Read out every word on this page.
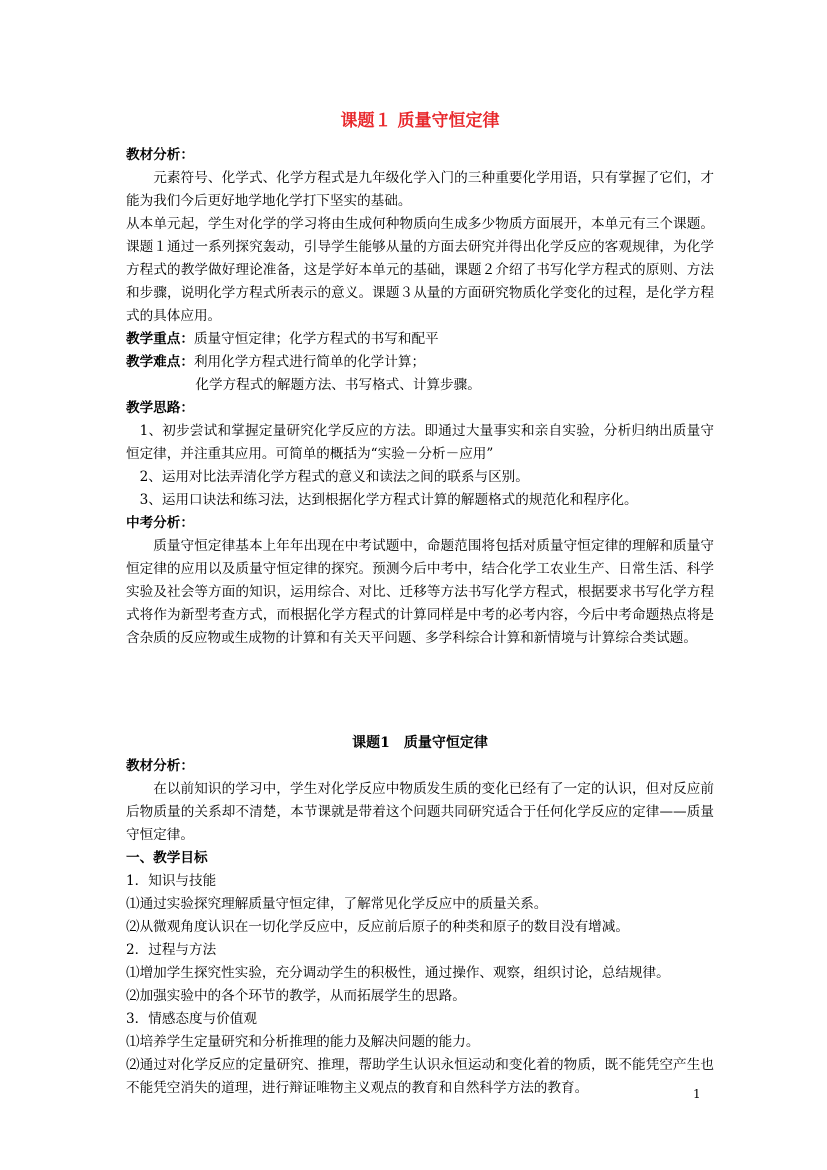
课题１ 质量守恒定律

教材分析：

元素符号、化学式、化学方程式是九年级化学入门的三种重要化学用语，只有掌握了它们，才能为我们今后更好地学地化学打下坚实的基础。

从本单元起，学生对化学的学习将由生成何种物质向生成多少物质方面展开，本单元有三个课题。课题１通过一系列探究轰动，引导学生能够从量的方面去研究并得出化学反应的客观规律，为化学方程式的教学做好理论准备，这是学好本单元的基础，课题２介绍了书写化学方程式的原则、方法和步骤，说明化学方程式所表示的意义。课题３从量的方面研究物质化学变化的过程，是化学方程式的具体应用。

教学重点：质量守恒定律；化学方程式的书写和配平

教学难点：利用化学方程式进行简单的化学计算；

化学方程式的解题方法、书写格式、计算步骤。

教学思路：

1、初步尝试和掌握定量研究化学反应的方法。即通过大量事实和亲自实验，分析归纳出质量守恒定律，并注重其应用。可简单的概括为“实验－分析－应用”

2、运用对比法弄清化学方程式的意义和读法之间的联系与区别。

3、运用口诀法和练习法，达到根据化学方程式计算的解题格式的规范化和程序化。

中考分析：

质量守恒定律基本上年年出现在中考试题中，命题范围将包括对质量守恒定律的理解和质量守恒定律的应用以及质量守恒定律的探究。预测今后中考中，结合化学工农业生产、日常生活、科学实验及社会等方面的知识，运用综合、对比、迁移等方法书写化学方程式，根据要求书写化学方程式将作为新型考查方式，而根据化学方程式的计算同样是中考的必考内容，今后中考命题热点将是含杂质的反应物或生成物的计算和有关天平问题、多学科综合计算和新情境与计算综合类试题。

课题1　质量守恒定律

教材分析：

在以前知识的学习中，学生对化学反应中物质发生质的变化已经有了一定的认识，但对反应前后物质量的关系却不清楚，本节课就是带着这个问题共同研究适合于任何化学反应的定律——质量守恒定律。

一、教学目标

1．知识与技能

⑴通过实验探究理解质量守恒定律，了解常见化学反应中的质量关系。

⑵从微观角度认识在一切化学反应中，反应前后原子的种类和原子的数目没有增减。

2．过程与方法

⑴增加学生探究性实验，充分调动学生的积极性，通过操作、观察，组织讨论，总结规律。

⑵加强实验中的各个环节的教学，从而拓展学生的思路。

3．情感态度与价值观

⑴培养学生定量研究和分析推理的能力及解决问题的能力。

⑵通过对化学反应的定量研究、推理，帮助学生认识永恒运动和变化着的物质，既不能凭空产生也不能凭空消失的道理，进行辩证唯物主义观点的教育和自然科学方法的教育。	1
